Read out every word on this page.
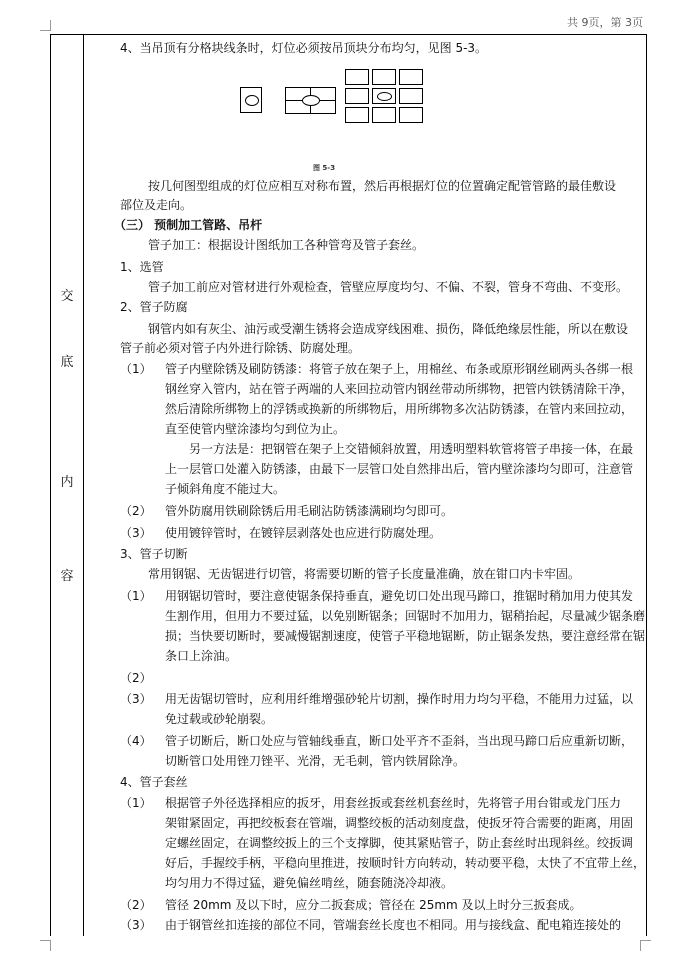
共 9页，第 3页
交
底
内
容
图 5-3
4、当吊顶有分格块线条时，灯位必须按吊顶块分布均匀，见图 5-3。
按几何图型组成的灯位应相互对称布置，然后再根据灯位的位置确定配管管路的最佳敷设
部位及走向。
（三） 预制加工管路、吊杆
管子加工：根据设计图纸加工各种管弯及管子套丝。
1、选管
管子加工前应对管材进行外观检查，管壁应厚度均匀、不偏、不裂，管身不弯曲、不变形。
2、管子防腐
钢管内如有灰尘、油污或受潮生锈将会造成穿线困难、损伤，降低绝缘层性能，所以在敷设
管子前必须对管子内外进行除锈、防腐处理。
（1） 管子内壁除锈及刷防锈漆：将管子放在架子上，用棉丝、布条或原形钢丝刷两头各绑一根
钢丝穿入管内，站在管子两端的人来回拉动管内钢丝带动所绑物，把管内铁锈清除干净，
然后清除所绑物上的浮锈或换新的所绑物后，用所绑物多次沾防锈漆，在管内来回拉动，
直至使管内壁涂漆均匀到位为止。
另一方法是：把钢管在架子上交错倾斜放置，用透明塑料软管将管子串接一体，在最
上一层管口处灌入防锈漆，由最下一层管口处自然排出后，管内壁涂漆均匀即可，注意管
子倾斜角度不能过大。
（2） 管外防腐用铁刷除锈后用毛刷沾防锈漆满刷均匀即可。
（3） 使用镀锌管时，在镀锌层剥落处也应进行防腐处理。
3、管子切断
常用钢锯、无齿锯进行切管，将需要切断的管子长度量准确，放在钳口内卡牢固。
（1） 用钢锯切管时，要注意使锯条保持垂直，避免切口处出现马蹄口，推锯时稍加用力使其发
生割作用，但用力不要过猛，以免别断锯条；回锯时不加用力，锯稍抬起，尽量减少锯条磨
损；当快要切断时，要减慢锯割速度，使管子平稳地锯断，防止锯条发热，要注意经常在锯
条口上涂油。
（2）
（3） 用无齿锯切管时，应利用纤维增强砂轮片切割，操作时用力均匀平稳，不能用力过猛，以
免过载或砂轮崩裂。
（4） 管子切断后，断口处应与管轴线垂直，断口处平齐不歪斜，当出现马蹄口后应重新切断，
切断管口处用锉刀锉平、光滑，无毛刺，管内铁屑除净。
4、管子套丝
（1） 根据管子外径选择相应的扳牙，用套丝扳或套丝机套丝时，先将管子用台钳或龙门压力
架钳紧固定，再把绞板套在管端，调整绞板的活动刻度盘，使扳牙符合需要的距离，用固
定螺丝固定，在调整绞扳上的三个支撑脚，使其紧贴管子，防止套丝时出现斜丝。绞扳调
好后，手握绞手柄，平稳向里推进，按顺时针方向转动，转动要平稳，太快了不宜带上丝，
均匀用力不得过猛，避免偏丝啃丝，随套随浇冷却液。
（2） 管径 20mm 及以下时，应分二扳套成；管径在 25mm 及以上时分三扳套成。
（3） 由于钢管丝扣连接的部位不同，管端套丝长度也不相同。用与接线盒、配电箱连接处的
